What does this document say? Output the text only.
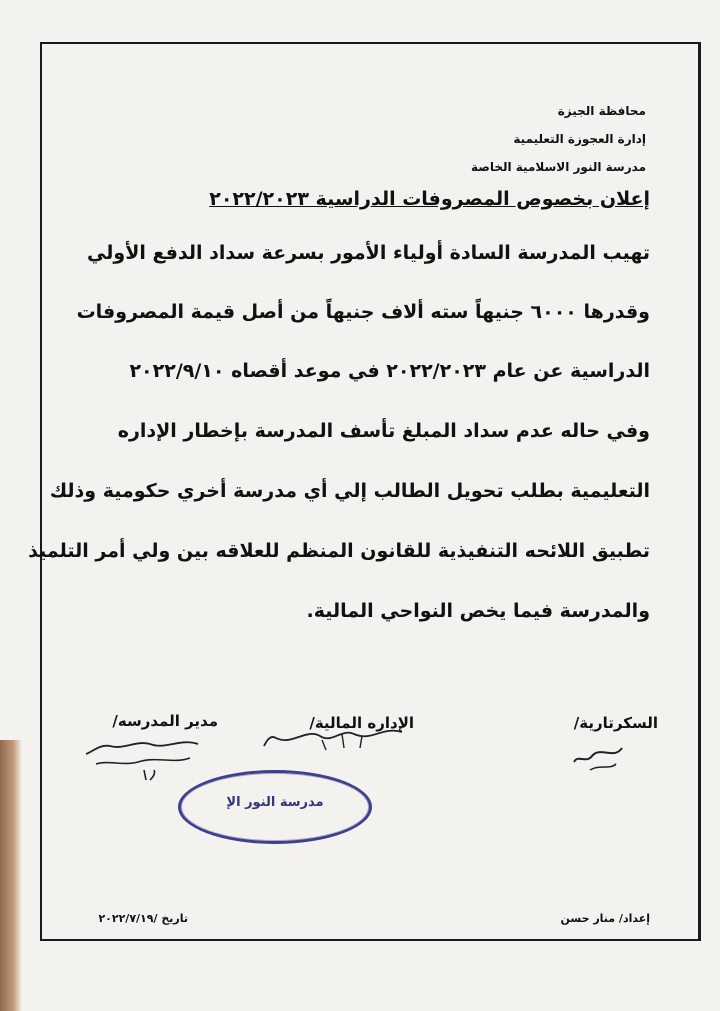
محافظة الجيزة
إدارة العجوزة التعليمية
مدرسة النور الاسلامية الخاصة
إعلان بخصوص المصروفات الدراسية ٢٠٢٢/٢٠٢٣
تهيب المدرسة السادة أولياء الأمور بسرعة سداد الدفع الأولي
وقدرها ٦٠٠٠ جنيهاً سته ألاف جنيهاً من أصل قيمة المصروفات
الدراسية عن عام ٢٠٢٢/٢٠٢٣ في موعد أقصاه ٢٠٢٢/٩/١٠
وفي حاله عدم سداد المبلغ تأسف المدرسة بإخطار الإداره
التعليمية بطلب تحويل الطالب إلي أي مدرسة أخري حكومية وذلك
تطبيق اللائحه التنفيذية للقانون المنظم للعلاقه بين ولي أمر التلميذ
والمدرسة فيما يخص النواحي المالية.
السكرتارية/
الإداره المالية/
مدير المدرسه/
إعداد/ منار حسن
تاريخ /٢٠٢٢/٧/١٩
مدرسة النور الإ
